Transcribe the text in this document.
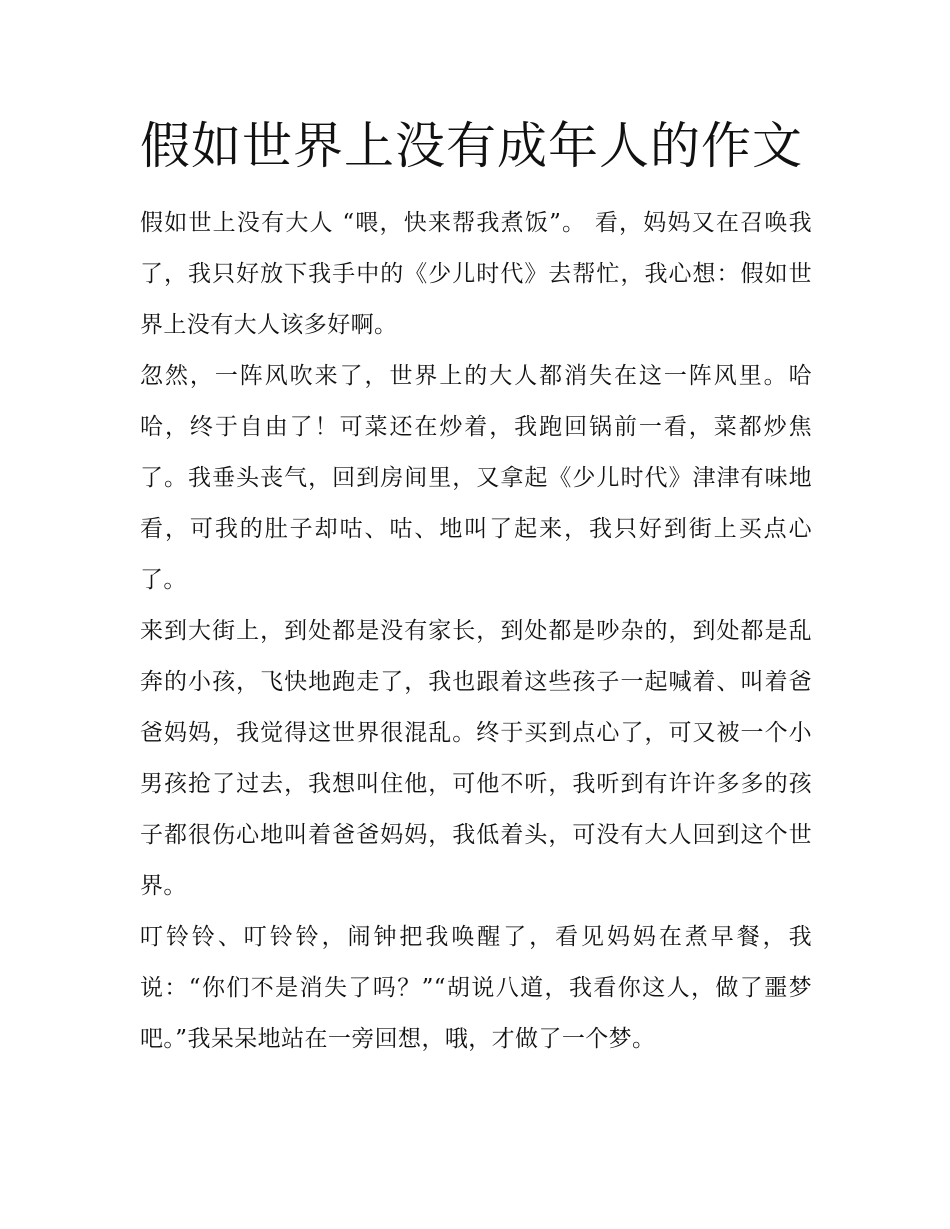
假如世界上没有成年人的作文

假如世上没有大人 “喂，快来帮我煮饭”。 看，妈妈又在召唤我了，我只好放下我手中的《少儿时代》去帮忙，我心想：假如世界上没有大人该多好啊。

忽然，一阵风吹来了，世界上的大人都消失在这一阵风里。哈哈，终于自由了！可菜还在炒着，我跑回锅前一看，菜都炒焦了。我垂头丧气，回到房间里，又拿起《少儿时代》津津有味地看，可我的肚子却咕、咕、地叫了起来，我只好到街上买点心了。

来到大街上，到处都是没有家长，到处都是吵杂的，到处都是乱奔的小孩，飞快地跑走了，我也跟着这些孩子一起喊着、叫着爸爸妈妈，我觉得这世界很混乱。终于买到点心了，可又被一个小男孩抢了过去，我想叫住他，可他不听，我听到有许许多多的孩子都很伤心地叫着爸爸妈妈，我低着头，可没有大人回到这个世界。

叮铃铃、叮铃铃，闹钟把我唤醒了，看见妈妈在煮早餐，我说：“你们不是消失了吗？”“胡说八道，我看你这人，做了噩梦吧。”我呆呆地站在一旁回想，哦，才做了一个梦。
